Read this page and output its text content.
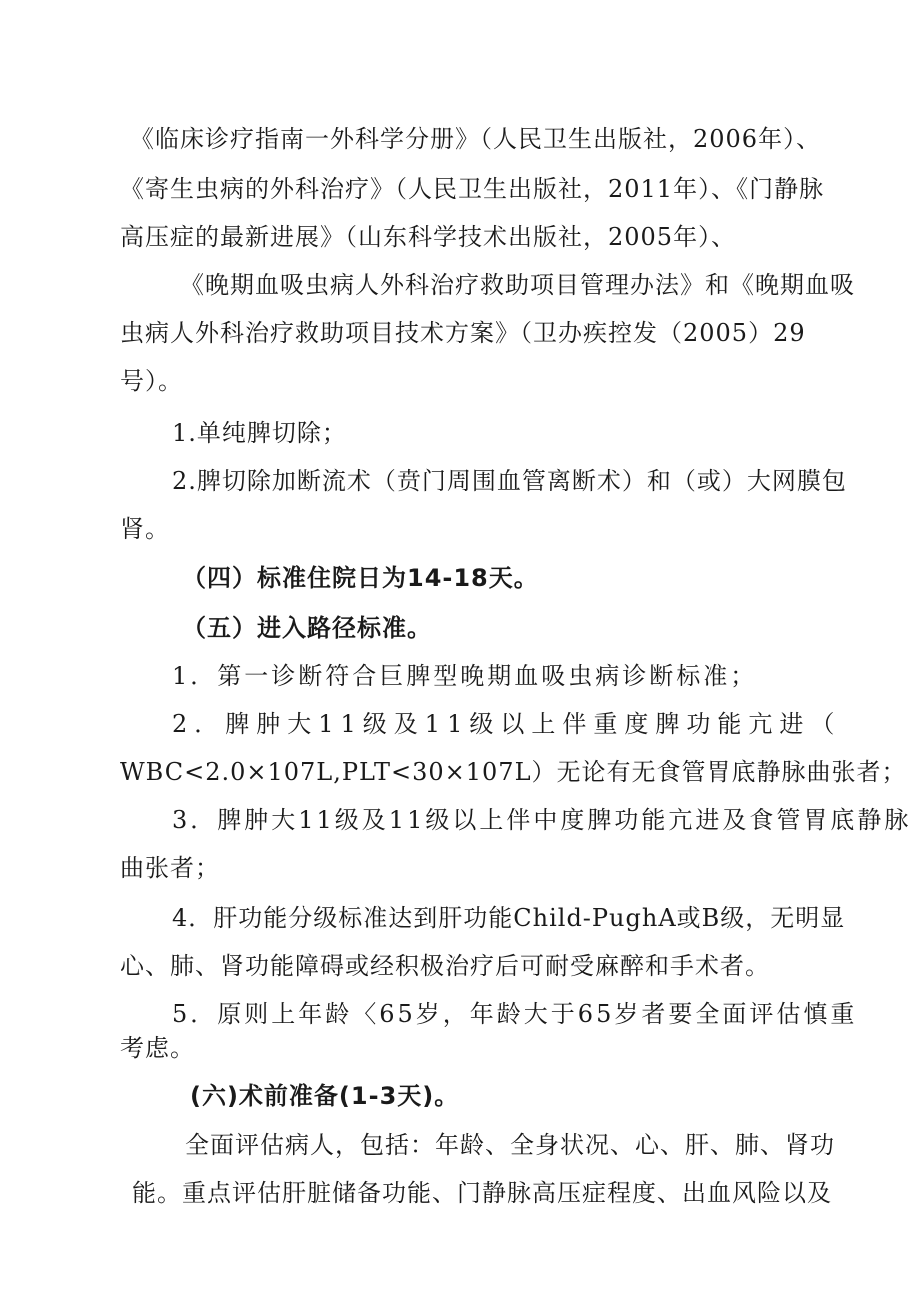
《临床诊疗指南一外科学分册》（人民卫生出版社，2006年）、
《寄生虫病的外科治疗》（人民卫生出版社，2011年）、《门静脉
高压症的最新进展》（山东科学技术出版社，2005年）、
《晚期血吸虫病人外科治疗救助项目管理办法》和《晚期血吸
虫病人外科治疗救助项目技术方案》（卫办疾控发（2005）29
号）。
1.单纯脾切除；
2.脾切除加断流术（贲门周围血管离断术）和（或）大网膜包
肾。
（四）标准住院日为14-18天。
（五）进入路径标准。
1．第一诊断符合巨脾型晚期血吸虫病诊断标准；
2．脾肿大11级及11级以上伴重度脾功能亢进（
WBC<2.0×107L,PLT<30×107L）无论有无食管胃底静脉曲张者；
3．脾肿大11级及11级以上伴中度脾功能亢进及食管胃底静脉
曲张者；
4．肝功能分级标准达到肝功能Child-PughA或B级，无明显
心、肺、肾功能障碍或经积极治疗后可耐受麻醉和手术者。
5．原则上年龄〈65岁，年龄大于65岁者要全面评估慎重
考虑。
(六)术前准备(1-3天)。
全面评估病人，包括：年龄、全身状况、心、肝、肺、肾功
能。重点评估肝脏储备功能、门静脉高压症程度、出血风险以及
